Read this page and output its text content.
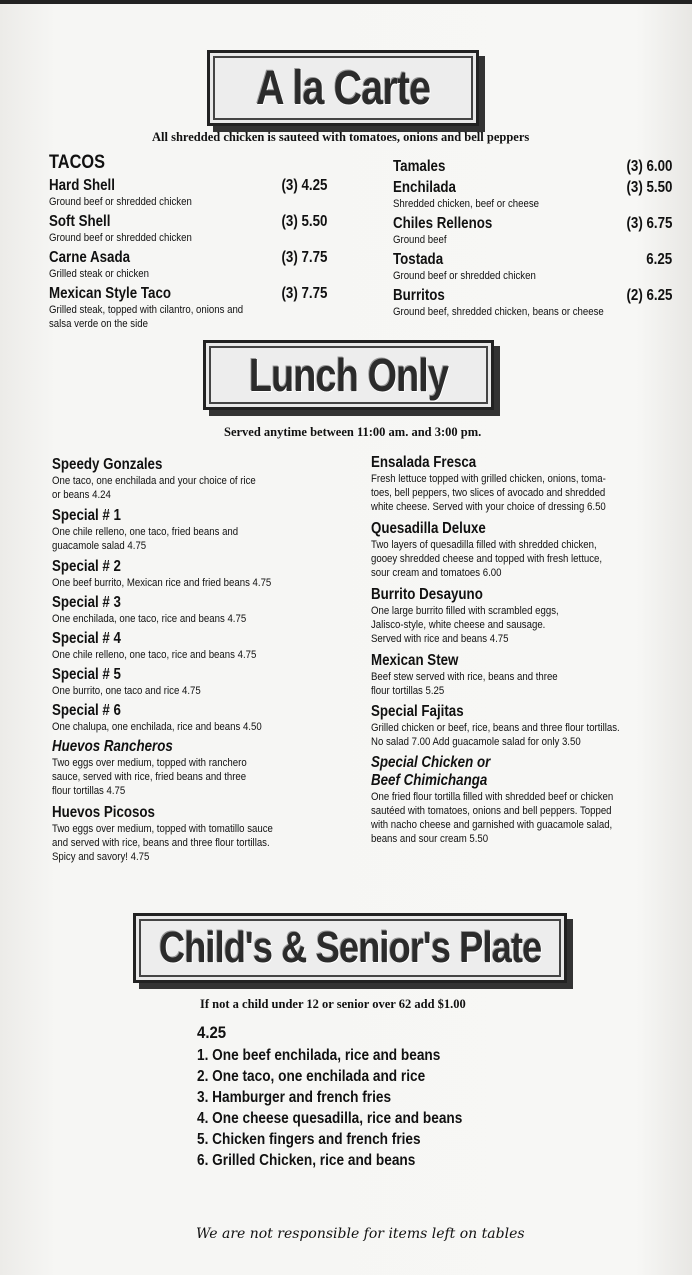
A la Carte
All shredded chicken is sauteed with tomatoes, onions and bell peppers
TACOS
Hard Shell
Ground beef or shredded chicken
(3) 4.25
Soft Shell
Ground beef or shredded chicken
(3) 5.50
Carne Asada
Grilled steak or chicken
(3) 7.75
Mexican Style Taco
Grilled steak, topped with cilantro, onions and
salsa verde on the side
(3) 7.75
Tamales	(3) 6.00
Enchilada
Shredded chicken, beef or cheese
(3) 5.50
Chiles Rellenos
Ground beef
(3) 6.75
Tostada
Ground beef or shredded chicken
6.25
Burritos
Ground beef, shredded chicken, beans or cheese
(2) 6.25
Lunch Only
Served anytime between 11:00 am. and 3:00 pm.
Speedy Gonzales
One taco, one enchilada and your choice of rice
or beans 4.24
Special # 1
One chile relleno, one taco, fried beans and
guacamole salad 4.75
Special # 2
One beef burrito, Mexican rice and fried beans 4.75
Special # 3
One enchilada, one taco, rice and beans 4.75
Special # 4
One chile relleno, one taco, rice and beans 4.75
Special # 5
One burrito, one taco and rice 4.75
Special # 6
One chalupa, one enchilada, rice and beans 4.50
Huevos Rancheros
Two eggs over medium, topped with ranchero
sauce, served with rice, fried beans and three
flour tortillas 4.75
Huevos Picosos
Two eggs over medium, topped with tomatillo sauce
and served with rice, beans and three flour tortillas.
Spicy and savory! 4.75
Ensalada Fresca
Fresh lettuce topped with grilled chicken, onions, toma-
toes, bell peppers, two slices of avocado and shredded
white cheese. Served with your choice of dressing 6.50
Quesadilla Deluxe
Two layers of quesadilla filled with shredded chicken,
gooey shredded cheese and topped with fresh lettuce,
sour cream and tomatoes 6.00
Burrito Desayuno
One large burrito filled with scrambled eggs,
Jalisco-style, white cheese and sausage.
Served with rice and beans 4.75
Mexican Stew
Beef stew served with rice, beans and three
flour tortillas 5.25
Special Fajitas
Grilled chicken or beef, rice, beans and three flour tortillas.
No salad 7.00 Add guacamole salad for only 3.50
Special Chicken or
Beef Chimichanga
One fried flour tortilla filled with shredded beef or chicken
sautéed with tomatoes, onions and bell peppers. Topped
with nacho cheese and garnished with guacamole salad,
beans and sour cream 5.50
Child's & Senior's Plate
If not a child under 12 or senior over 62 add $1.00
4.25
1. One beef enchilada, rice and beans
2. One taco, one enchilada and rice
3. Hamburger and french fries
4. One cheese quesadilla, rice and beans
5. Chicken fingers and french fries
6. Grilled Chicken, rice and beans
We are not responsible for items left on tables
